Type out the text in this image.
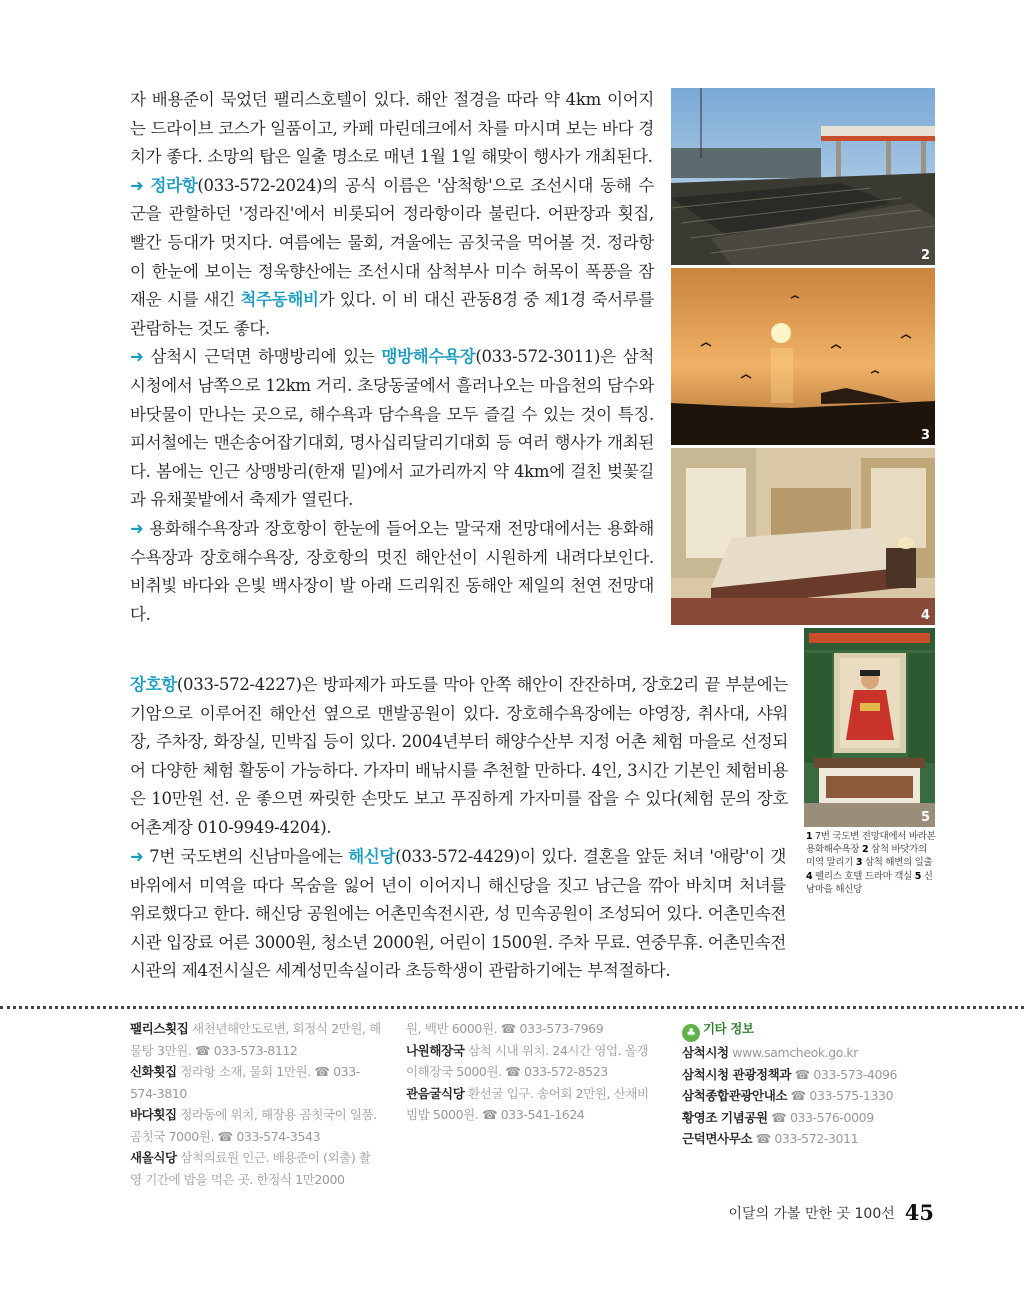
자 배용준이 묵었던 팰리스호텔이 있다. 해안 절경을 따라 약 4km 이어지는 드라이브 코스가 일품이고, 카페 마린데크에서 차를 마시며 보는 바다 경치가 좋다. 소망의 탑은 일출 명소로 매년 1월 1일 해맞이 행사가 개최된다.

➜ 정라항(033-572-2024)의 공식 이름은 '삼척항'으로 조선시대 동해 수군을 관할하던 '정라진'에서 비롯되어 정라항이라 불린다. 어판장과 횟집, 빨간 등대가 멋지다. 여름에는 물회, 겨울에는 곰칫국을 먹어볼 것. 정라항이 한눈에 보이는 정욱향산에는 조선시대 삼척부사 미수 허목이 폭풍을 잠재운 시를 새긴 척주동해비가 있다. 이 비 대신 관동8경 중 제1경 죽서루를 관람하는 것도 좋다.

➜ 삼척시 근덕면 하맹방리에 있는 맹방해수욕장(033-572-3011)은 삼척시청에서 남쪽으로 12km 거리. 초당동굴에서 흘러나오는 마읍천의 담수와 바닷물이 만나는 곳으로, 해수욕과 담수욕을 모두 즐길 수 있는 것이 특징. 피서철에는 맨손송어잡기대회, 명사십리달리기대회 등 여러 행사가 개최된다. 봄에는 인근 상맹방리(한재 밑)에서 교가리까지 약 4km에 걸친 벚꽃길과 유채꽃밭에서 축제가 열린다.

➜ 용화해수욕장과 장호항이 한눈에 들어오는 말국재 전망대에서는 용화해수욕장과 장호해수욕장, 장호항의 멋진 해안선이 시원하게 내려다보인다. 비취빛 바다와 은빛 백사장이 발 아래 드리워진 동해안 제일의 천연 전망대다.

장호항(033-572-4227)은 방파제가 파도를 막아 안쪽 해안이 잔잔하며, 장호2리 끝 부분에는 기암으로 이루어진 해안선 옆으로 맨발공원이 있다. 장호해수욕장에는 야영장, 취사대, 샤워장, 주차장, 화장실, 민박집 등이 있다. 2004년부터 해양수산부 지정 어촌 체험 마을로 선정되어 다양한 체험 활동이 가능하다. 가자미 배낚시를 추천할 만하다. 4인, 3시간 기본인 체험비용은 10만원 선. 운 좋으면 짜릿한 손맛도 보고 푸짐하게 가자미를 잡을 수 있다(체험 문의 장호어촌계장 010-9949-4204).

➜ 7번 국도변의 신남마을에는 해신당(033-572-4429)이 있다. 결혼을 앞둔 처녀 '애랑'이 갯바위에서 미역을 따다 목숨을 잃어 년이 이어지니 해신당을 짓고 남근을 깎아 바치며 처녀를 위로했다고 한다. 해신당 공원에는 어촌민속전시관, 성 민속공원이 조성되어 있다. 어촌민속전시관 입장료 어른 3000원, 청소년 2000원, 어린이 1500원. 주차 무료. 연중무휴. 어촌민속전시관의 제4전시실은 세계성민속실이라 초등학생이 관람하기에는 부적절하다.

2
3
4
5
1 7번 국도변 전망대에서 바라본 용화해수욕장 2 삼척 바닷가의 미역 말리기 3 삼척 해변의 일출 4 팰리스 호텔 드라마 객실 5 신남마을 해신당
팰리스횟집 새천년해안도로변, 회정식 2만원, 해물탕 3만원. ☎ 033-573-8112
신화횟집 정라항 소재, 물회 1만원. ☎ 033-574-3810
바다횟집 정라동에 위치, 해장용 곰칫국이 일품. 곰칫국 7000원. ☎ 033-574-3543
새올식당 삼척의료원 인근. 배용준이 (외출) 촬영 기간에 밥을 먹은 곳. 한정식 1만2000
원, 백반 6000원. ☎ 033-573-7969
나원해장국 삼척 시내 위치. 24시간 영업. 올갱이해장국 5000원. ☎ 033-572-8523
관음굴식당 환선굴 입구. 송어회 2만원, 산채비빔밥 5000원. ☎ 033-541-1624
♣ 기타 정보
삼척시청 www.samcheok.go.kr
삼척시청 관광정책과 ☎ 033-573-4096
삼척종합관광안내소 ☎ 033-575-1330
황영조 기념공원 ☎ 033-576-0009
근덕면사무소 ☎ 033-572-3011
이달의 가볼 만한 곳 100선 45
